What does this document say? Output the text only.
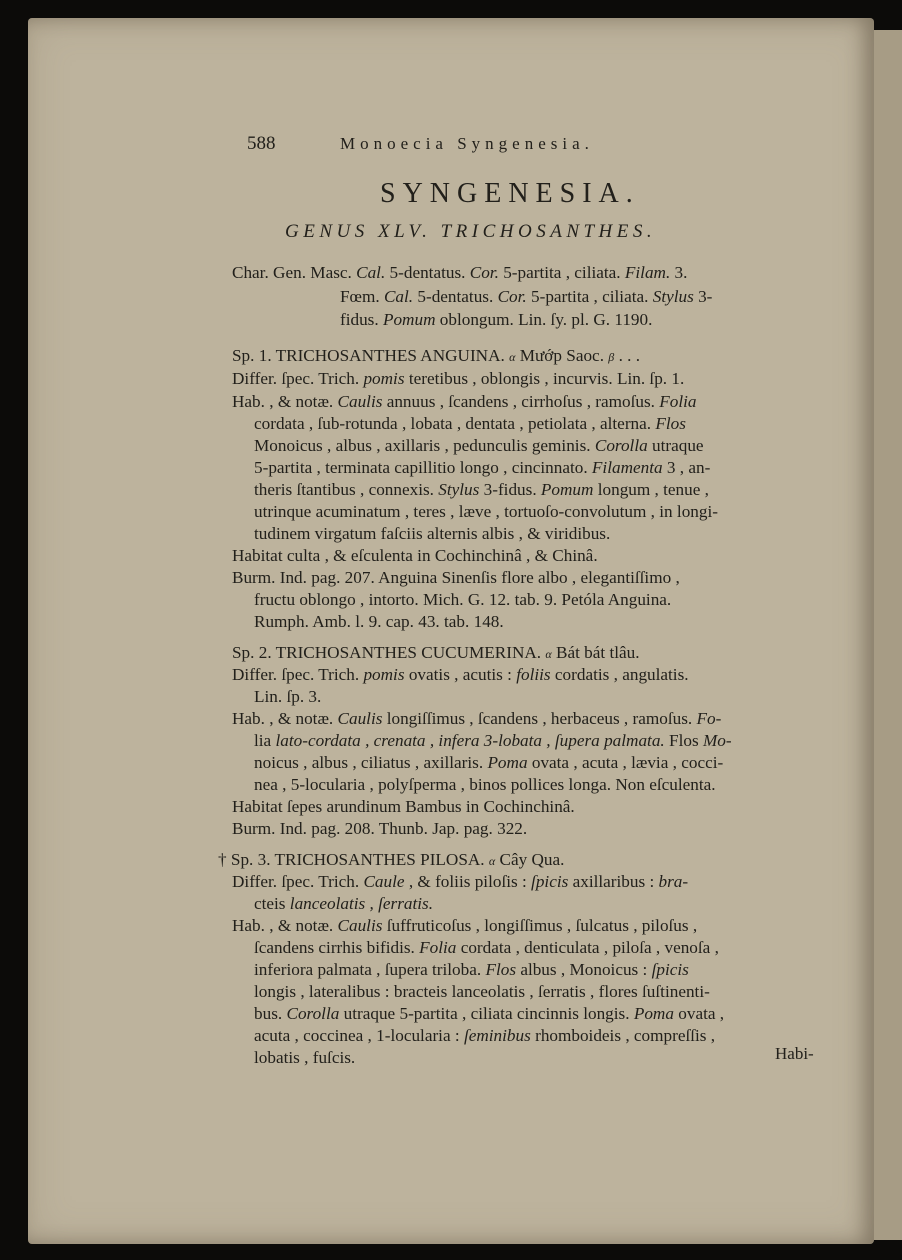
588	Monoecia Syngenesia.
SYNGENESIA.
GENUS XLV. TRICHOSANTHES.
Habi-
Char. Gen. Masc. Cal. 5-dentatus. Cor. 5-partita , ciliata. Filam. 3.
Fœm. Cal. 5-dentatus. Cor. 5-partita , ciliata. Stylus 3-
fidus. Pomum oblongum. Lin. ſy. pl. G. 1190.
Sp. 1. TRICHOSANTHES ANGUINA. α Mướp Saoc. β . . .
Differ. ſpec. Trich. pomis teretibus , oblongis , incurvis. Lin. ſp. 1.
Hab. , & notæ. Caulis annuus , ſcandens , cirrhoſus , ramoſus. Folia
cordata , ſub-rotunda , lobata , dentata , petiolata , alterna. Flos
Monoicus , albus , axillaris , pedunculis geminis. Corolla utraque
5-partita , terminata capillitio longo , cincinnato. Filamenta 3 , an-
theris ſtantibus , connexis. Stylus 3-fidus. Pomum longum , tenue ,
utrinque acuminatum , teres , læve , tortuoſo-convolutum , in longi-
tudinem virgatum faſciis alternis albis , & viridibus.
Habitat culta , & eſculenta in Cochinchinâ , & Chinâ.
Burm. Ind. pag. 207. Anguina Sinenſis flore albo , elegantiſſimo ,
fructu oblongo , intorto. Mich. G. 12. tab. 9. Petóla Anguina.
Rumph. Amb. l. 9. cap. 43. tab. 148.
Sp. 2. TRICHOSANTHES CUCUMERINA. α Bát bát tlâu.
Differ. ſpec. Trich. pomis ovatis , acutis : foliis cordatis , angulatis.
Lin. ſp. 3.
Hab. , & notæ. Caulis longiſſimus , ſcandens , herbaceus , ramoſus. Fo-
lia lato-cordata , crenata , infera 3-lobata , ſupera palmata. Flos Mo-
noicus , albus , ciliatus , axillaris. Poma ovata , acuta , lævia , cocci-
nea , 5-locularia , polyſperma , binos pollices longa. Non eſculenta.
Habitat ſepes arundinum Bambus in Cochinchinâ.
Burm. Ind. pag. 208. Thunb. Jap. pag. 322.
† Sp. 3. TRICHOSANTHES PILOSA. α Cây Qua.
Differ. ſpec. Trich. Caule , & foliis piloſis : ſpicis axillaribus : bra-
cteis lanceolatis , ſerratis.
Hab. , & notæ. Caulis ſuffruticoſus , longiſſimus , ſulcatus , piloſus ,
ſcandens cirrhis bifidis. Folia cordata , denticulata , piloſa , venoſa ,
inferiora palmata , ſupera triloba. Flos albus , Monoicus : ſpicis
longis , lateralibus : bracteis lanceolatis , ſerratis , flores ſuſtinenti-
bus. Corolla utraque 5-partita , ciliata cincinnis longis. Poma ovata ,
acuta , coccinea , 1-locularia : ſeminibus rhomboideis , compreſſis ,
lobatis , fuſcis.
